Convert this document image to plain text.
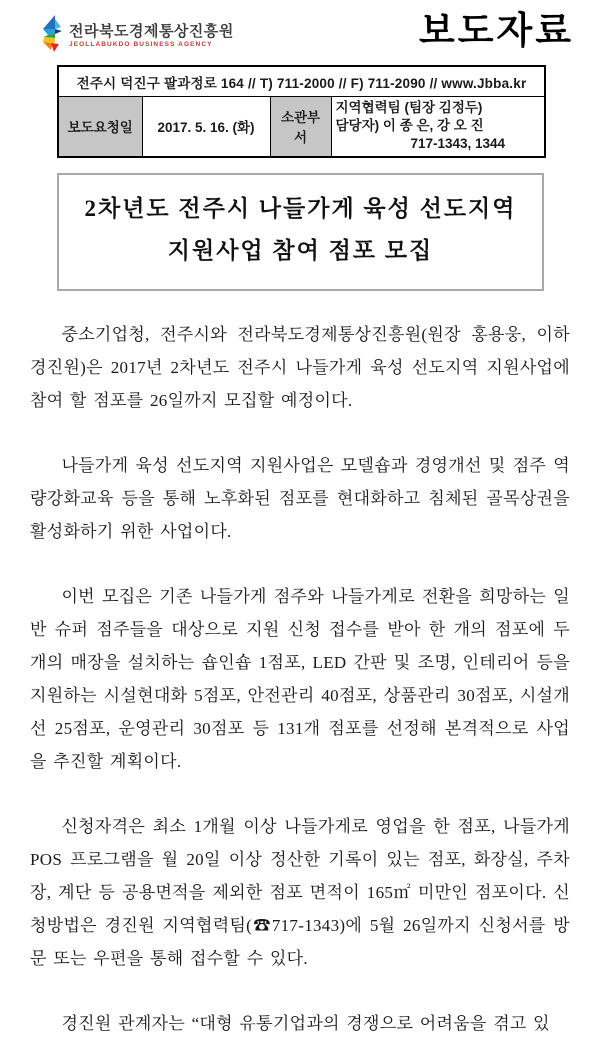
전라북도경제통상진흥원
JEOLLABUKDO BUSINESS AGENCY	보도자료
전주시 덕진구 팔과정로 164 // T) 711-2000 // F) 711-2090 // www.Jbba.kr
보도요청일	2017. 5. 16. (화)	소관부서	
지역협력팀 (팀장 김정두)
담당자) 이 종 은, 강 오 진
717-1343, 1344
2차년도 전주시 나들가게 육성 선도지역
지원사업 참여 점포 모집

중소기업청, 전주시와 전라북도경제통상진흥원(원장 홍용웅, 이하 경진원)은 2017년 2차년도 전주시 나들가게 육성 선도지역 지원사업에 참여 할 점포를 26일까지 모집할 예정이다.

나들가게 육성 선도지역 지원사업은 모델숍과 경영개선 및 점주 역량강화교육 등을 통해 노후화된 점포를 현대화하고 침체된 골목상권을 활성화하기 위한 사업이다.

이번 모집은 기존 나들가게 점주와 나들가게로 전환을 희망하는 일반 슈퍼 점주들을 대상으로 지원 신청 접수를 받아 한 개의 점포에 두 개의 매장을 설치하는 숍인숍 1점포, LED 간판 및 조명, 인테리어 등을 지원하는 시설현대화 5점포, 안전관리 40점포, 상품관리 30점포, 시설개선 25점포, 운영관리 30점포 등 131개 점포를 선정해 본격적으로 사업을 추진할 계획이다.

신청자격은 최소 1개월 이상 나들가게로 영업을 한 점포, 나들가게 POS 프로그램을 월 20일 이상 정산한 기록이 있는 점포, 화장실, 주차장, 계단 등 공용면적을 제외한 점포 면적이 165㎡ 미만인 점포이다. 신청방법은 경진원 지역협력팀(☎717-1343)에 5월 26일까지 신청서를 방문 또는 우편을 통해 접수할 수 있다.

경진원 관계자는 “대형 유통기업과의 경쟁으로 어려움을 겪고 있
